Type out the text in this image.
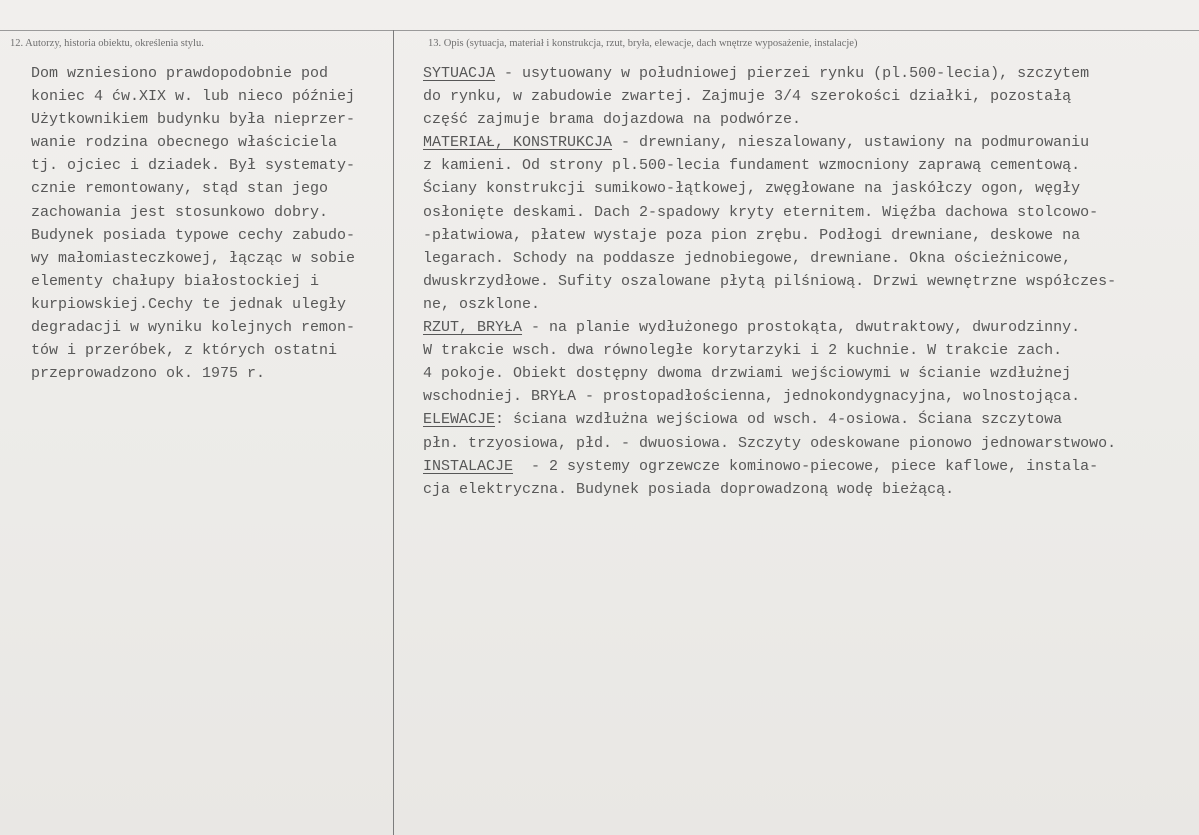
12. Autorzy, historia obiektu, określenia stylu.	13. Opis (sytuacja, materiał i konstrukcja, rzut, bryła, elewacje, dach wnętrze wyposażenie, instalacje)
Dom wzniesiono prawdopodobnie pod
koniec 4 ćw.XIX w. lub nieco później
Użytkownikiem budynku była nieprzer-
wanie rodzina obecnego właściciela
tj. ojciec i dziadek. Był systematy-
cznie remontowany, stąd stan jego
zachowania jest stosunkowo dobry.
Budynek posiada typowe cechy zabudo-
wy małomiasteczkowej, łącząc w sobie
elementy chałupy białostockiej i
kurpiowskiej.Cechy te jednak uległy
degradacji w wyniku kolejnych remon-
tów i przeróbek, z których ostatni
przeprowadzono ok. 1975 r.
SYTUACJA - usytuowany w południowej pierzei rynku (pl.500-lecia), szczytem
do rynku, w zabudowie zwartej. Zajmuje 3/4 szerokości działki, pozostałą
część zajmuje brama dojazdowa na podwórze.
MATERIAŁ, KONSTRUKCJA - drewniany, nieszalowany, ustawiony na podmurowaniu
z kamieni. Od strony pl.500-lecia fundament wzmocniony zaprawą cementową.
Ściany konstrukcji sumikowo-łątkowej, zwęgłowane na jaskółczy ogon, węgły
osłonięte deskami. Dach 2-spadowy kryty eternitem. Więźba dachowa stolcowo-
-płatwiowa, płatew wystaje poza pion zrębu. Podłogi drewniane, deskowe na
legarach. Schody na poddasze jednobiegowe, drewniane. Okna ościeżnicowe,
dwuskrzydłowe. Sufity oszalowane płytą pilśniową. Drzwi wewnętrzne współczes-
ne, oszklone.
RZUT, BRYŁA - na planie wydłużonego prostokąta, dwutraktowy, dwurodzinny.
W trakcie wsch. dwa równoległe korytarzyki i 2 kuchnie. W trakcie zach.
4 pokoje. Obiekt dostępny dwoma drzwiami wejściowymi w ścianie wzdłużnej
wschodniej. BRYŁA - prostopadłościenna, jednokondygnacyjna, wolnostojąca.
ELEWACJE: ściana wzdłużna wejściowa od wsch. 4-osiowa. Ściana szczytowa
płn. trzyosiowa, płd. - dwuosiowa. Szczyty odeskowane pionowo jednowarstwowo.
INSTALACJE  - 2 systemy ogrzewcze kominowo-piecowe, piece kaflowe, instala-
cja elektryczna. Budynek posiada doprowadzoną wodę bieżącą.
